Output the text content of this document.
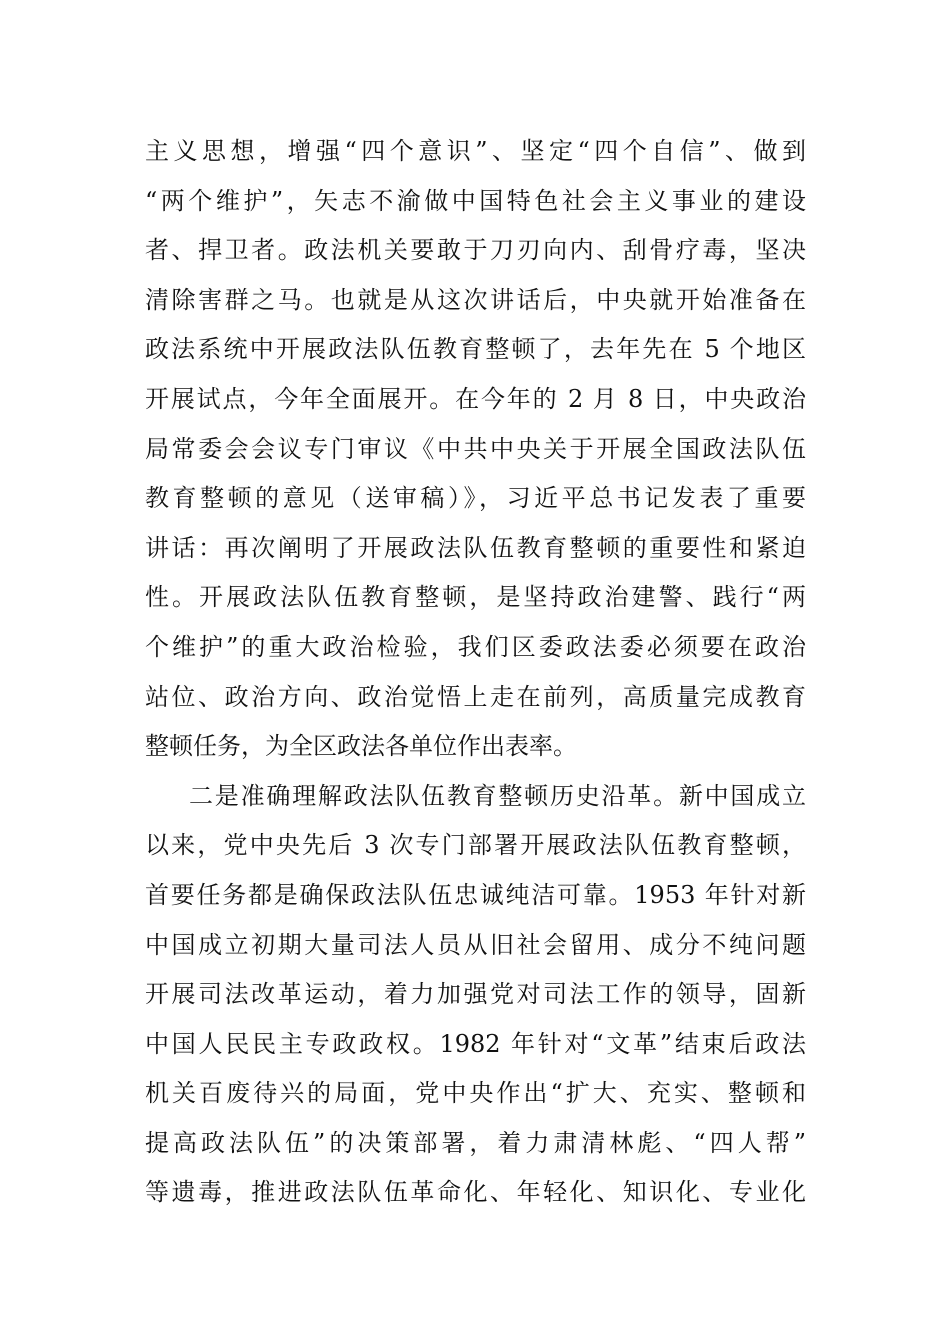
主义思想，增强“四个意识”、坚定“四个自信”、做到
“两个维护”，矢志不渝做中国特色社会主义事业的建设
者、捍卫者。政法机关要敢于刀刃向内、刮骨疗毒，坚决
清除害群之马。也就是从这次讲话后，中央就开始准备在
政法系统中开展政法队伍教育整顿了，去年先在 5 个地区
开展试点，今年全面展开。在今年的 2 月 8 日，中央政治
局常委会会议专门审议《中共中央关于开展全国政法队伍
教育整顿的意见（送审稿）》，习近平总书记发表了重要
讲话：再次阐明了开展政法队伍教育整顿的重要性和紧迫
性。开展政法队伍教育整顿，是坚持政治建警、践行“两
个维护”的重大政治检验，我们区委政法委必须要在政治
站位、政治方向、政治觉悟上走在前列，高质量完成教育
整顿任务，为全区政法各单位作出表率。
二是准确理解政法队伍教育整顿历史沿革。新中国成立
以来，党中央先后 3 次专门部署开展政法队伍教育整顿，
首要任务都是确保政法队伍忠诚纯洁可靠。1953 年针对新
中国成立初期大量司法人员从旧社会留用、成分不纯问题
开展司法改革运动，着力加强党对司法工作的领导，固新
中国人民民主专政政权。1982 年针对“文革”结束后政法
机关百废待兴的局面，党中央作出“扩大、充实、整顿和
提高政法队伍”的决策部署，着力肃清林彪、“四人帮”
等遗毒，推进政法队伍革命化、年轻化、知识化、专业化
